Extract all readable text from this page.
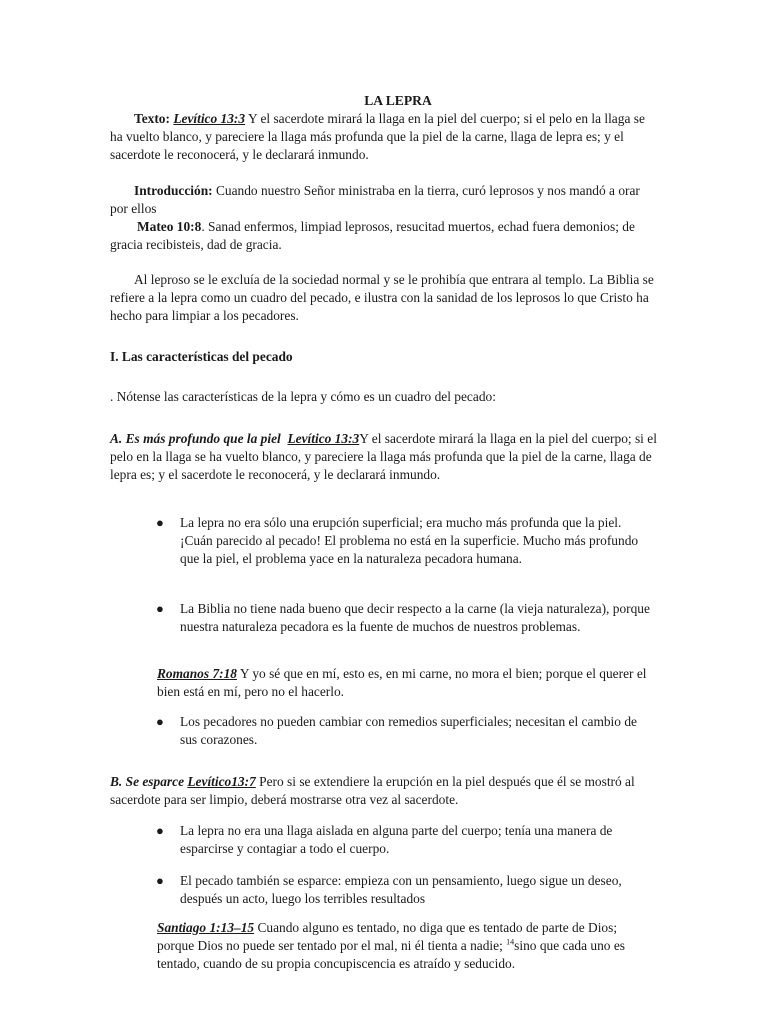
LA LEPRA
Texto: Levítico 13:3 Y el sacerdote mirará la llaga en la piel del cuerpo; si el pelo en la llaga se ha vuelto blanco, y pareciere la llaga más profunda que la piel de la carne, llaga de lepra es; y el sacerdote le reconocerá, y le declarará inmundo.
Introducción: Cuando nuestro Señor ministraba en la tierra, curó leprosos y nos mandó a orar por ellos
Mateo 10:8. Sanad enfermos, limpiad leprosos, resucitad muertos, echad fuera demonios; de gracia recibisteis, dad de gracia.
Al leproso se le excluía de la sociedad normal y se le prohibía que entrara al templo. La Biblia se refiere a la lepra como un cuadro del pecado, e ilustra con la sanidad de los leprosos lo que Cristo ha hecho para limpiar a los pecadores.
I. Las características del pecado
. Nótense las características de la lepra y cómo es un cuadro del pecado:
A. Es más profundo que la piel Levítico 13:3Y el sacerdote mirará la llaga en la piel del cuerpo; si el pelo en la llaga se ha vuelto blanco, y pareciere la llaga más profunda que la piel de la carne, llaga de lepra es; y el sacerdote le reconocerá, y le declarará inmundo.
● La lepra no era sólo una erupción superficial; era mucho más profunda que la piel. ¡Cuán parecido al pecado! El problema no está en la superficie. Mucho más profundo que la piel, el problema yace en la naturaleza pecadora humana.
● La Biblia no tiene nada bueno que decir respecto a la carne (la vieja naturaleza), porque nuestra naturaleza pecadora es la fuente de muchos de nuestros problemas.
Romanos 7:18 Y yo sé que en mí, esto es, en mi carne, no mora el bien; porque el querer el bien está en mí, pero no el hacerlo.
● Los pecadores no pueden cambiar con remedios superficiales; necesitan el cambio de sus corazones.
B. Se esparce Levítico13:7 Pero si se extendiere la erupción en la piel después que él se mostró al sacerdote para ser limpio, deberá mostrarse otra vez al sacerdote.
● La lepra no era una llaga aislada en alguna parte del cuerpo; tenía una manera de esparcirse y contagiar a todo el cuerpo.
● El pecado también se esparce: empieza con un pensamiento, luego sigue un deseo, después un acto, luego los terribles resultados
Santiago 1:13–15 Cuando alguno es tentado, no diga que es tentado de parte de Dios; porque Dios no puede ser tentado por el mal, ni él tienta a nadie; $^{14}$sino que cada uno es tentado, cuando de su propia concupiscencia es atraído y seducido.
